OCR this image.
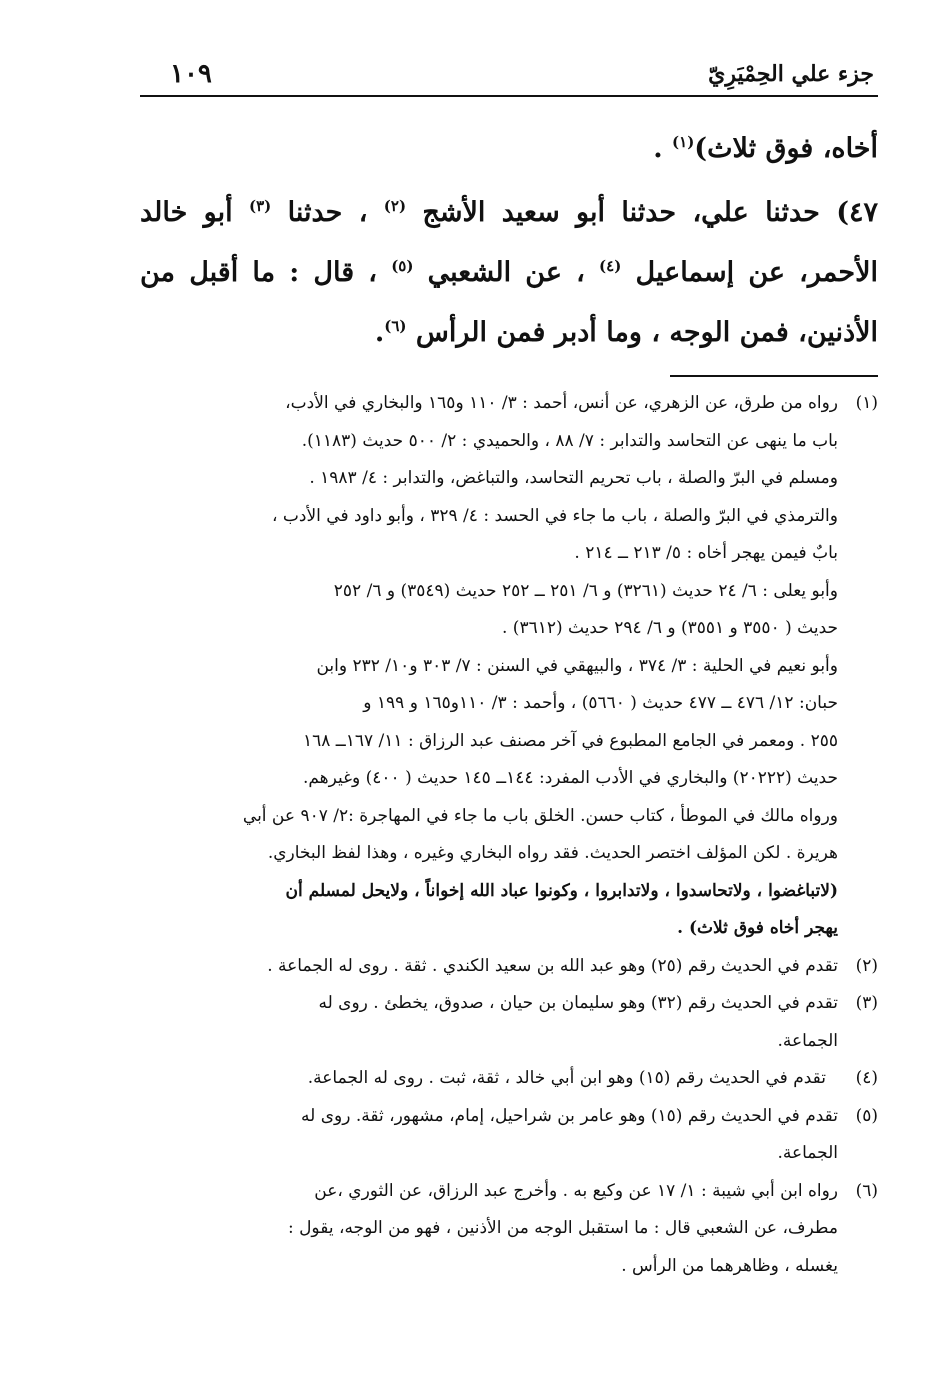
جزء علي الحِمْيَرِيّ
١٠٩

أخاه، فوق ثلاث)$^{(١)}$ .

٤٧) حدثنا علي، حدثنا أبو سعيد الأشج $^{(٢)}$ ، حدثنا $^{(٣)}$ أبو خالد الأحمر، عن إسماعيل $^{(٤)}$ ، عن الشعبي $^{(٥)}$ ، قال : ما أقبل من الأذنين، فمن الوجه ، وما أدبر فمن الرأس $^{(٦)}$.

(١)
رواه من طرق، عن الزهري، عن أنس، أحمد : ٣/ ١١٠ و١٦٥ والبخاري في الأدب،
باب ما ينهى عن التحاسد والتدابر : ٧/ ٨٨ ، والحميدي : ٢/ ٥٠٠ حديث (١١٨٣).
ومسلم في البرّ والصلة ، باب تحريم التحاسد، والتباغض، والتدابر : ٤/ ١٩٨٣ .
والترمذي في البرّ والصلة ، باب ما جاء في الحسد : ٤/ ٣٢٩ ، وأبو داود في الأدب ،
بابٌ فيمن يهجر أخاه : ٥/ ٢١٣ ــ ٢١٤ .
وأبو يعلى : ٦/ ٢٤ حديث (٣٢٦١) و ٦/ ٢٥١ ــ ٢٥٢ حديث (٣٥٤٩) و ٦/ ٢٥٢
حديث ( ٣٥٥٠ و ٣٥٥١) و ٦/ ٢٩٤ حديث (٣٦١٢) .
وأبو نعيم في الحلية : ٣/ ٣٧٤ ، والبيهقي في السنن : ٧/ ٣٠٣ و١٠/ ٢٣٢ وابن
حبان: ١٢/ ٤٧٦ ــ ٤٧٧ حديث ( ٥٦٦٠) ، وأحمد : ٣/ ١١٠و١٦٥ و ١٩٩ و
٢٥٥ . ومعمر في الجامع المطبوع في آخر مصنف عبد الرزاق : ١١/ ١٦٧ــ ١٦٨
حديث (٢٠٢٢٢) والبخاري في الأدب المفرد: ١٤٤ــ ١٤٥ حديث ( ٤٠٠) وغيرهم.
ورواه مالك في الموطأ ، كتاب حسن. الخلق باب ما جاء في المهاجرة :٢/ ٩٠٧ عن أبي
هريرة . لكن المؤلف اختصر الحديث. فقد رواه البخاري وغيره ، وهذا لفظ البخاري.
(لاتباغضوا ، ولاتحاسدوا ، ولاتدابروا ، وكونوا عباد الله إخواناً ، ولايحل لمسلم أن
يهجر أخاه فوق ثلاث) .
(٢)
تقدم في الحديث رقم (٢٥) وهو عبد الله بن سعيد الكندي . ثقة . روى له الجماعة .
(٣)
تقدم في الحديث رقم (٣٢) وهو سليمان بن حيان ، صدوق، يخطئ . روى له
الجماعة.
(٤)
تقدم في الحديث رقم (١٥) وهو ابن أبي خالد ، ثقة، ثبت . روى له الجماعة.
(٥)
تقدم في الحديث رقم (١٥) وهو عامر بن شراحيل، إمام، مشهور، ثقة. روى له
الجماعة.
(٦)
رواه ابن أبي شيبة : ١/ ١٧ عن وكيع به . وأخرج عبد الرزاق، عن الثوري ،عن
مطرف، عن الشعبي قال : ما استقبل الوجه من الأذنين ، فهو من الوجه، يقول :
يغسله ، وظاهرهما من الرأس .
